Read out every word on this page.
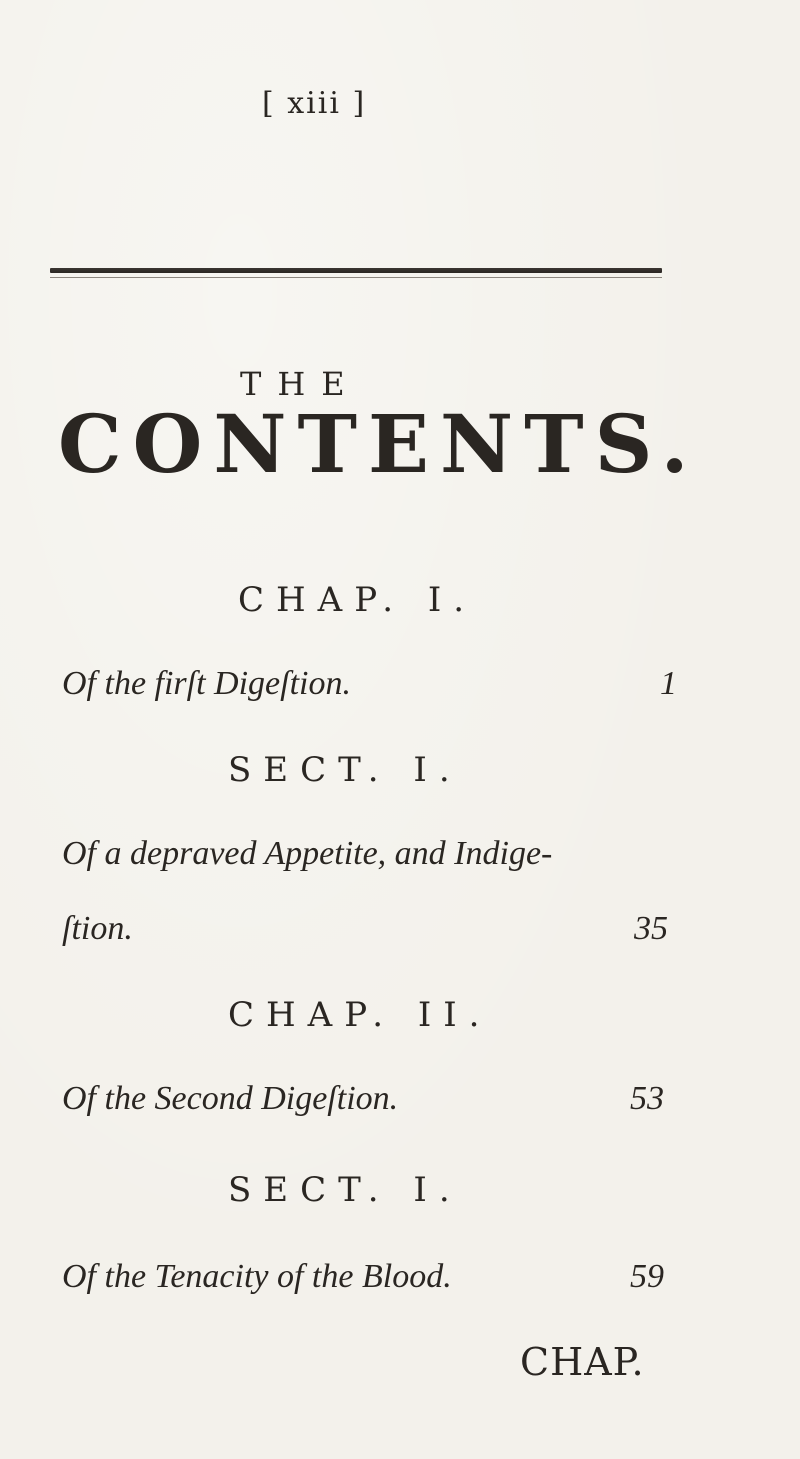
[ xiii ]
THE
CONTENTS.
CHAP. I.
Of the firſt Digeſtion.	1
SECT. I.
Of a depraved Appetite, and Indige-
ſtion.	35
CHAP. II.
Of the Second Digeſtion.	53
SECT. I.
Of the Tenacity of the Blood.	59
CHAP.
